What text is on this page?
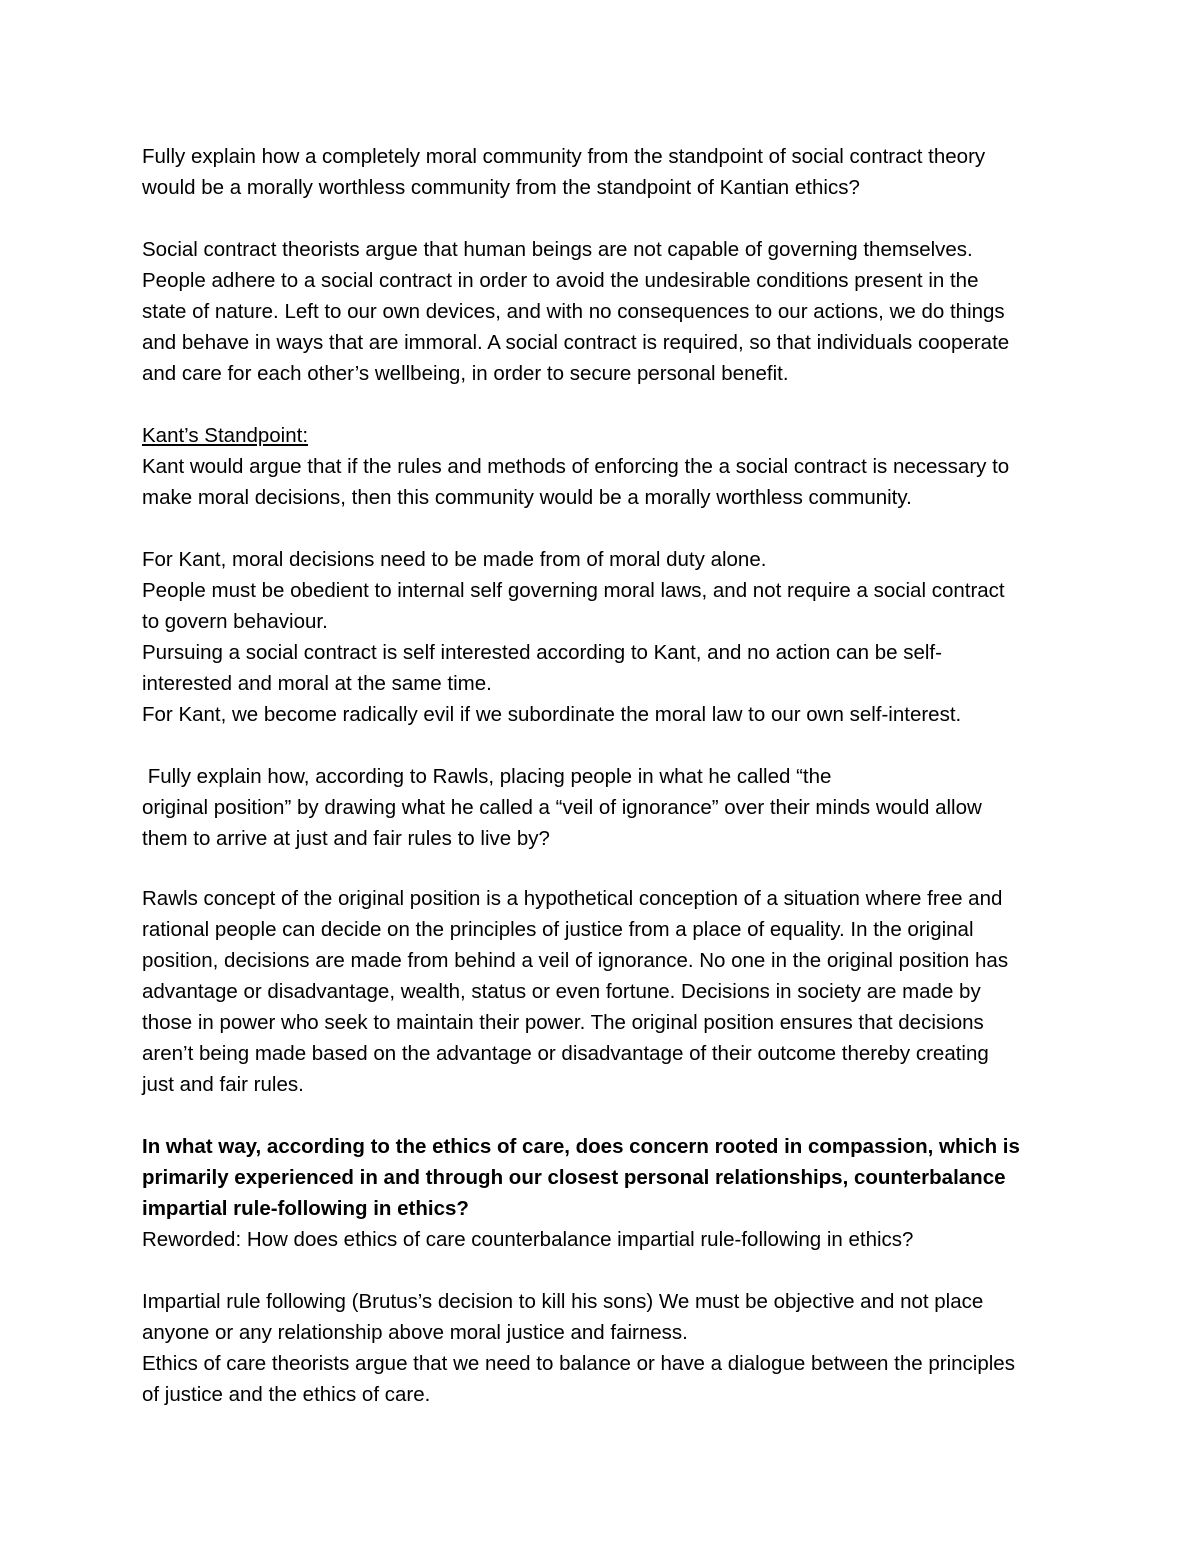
Fully explain how a completely moral community from the standpoint of social contract theory
would be a morally worthless community from the standpoint of Kantian ethics?
Social contract theorists argue that human beings are not capable of governing themselves.
People adhere to a social contract in order to avoid the undesirable conditions present in the
state of nature. Left to our own devices, and with no consequences to our actions, we do things
and behave in ways that are immoral. A social contract is required, so that individuals cooperate
and care for each other’s wellbeing, in order to secure personal benefit.
Kant’s Standpoint:
Kant would argue that if the rules and methods of enforcing the a social contract is necessary to
make moral decisions, then this community would be a morally worthless community.
For Kant, moral decisions need to be made from of moral duty alone.
People must be obedient to internal self governing moral laws, and not require a social contract
to govern behaviour.
Pursuing a social contract is self interested according to Kant, and no action can be self-
interested and moral at the same time.
For Kant, we become radically evil if we subordinate the moral law to our own self-interest.
Fully explain how, according to Rawls, placing people in what he called “the
original position” by drawing what he called a “veil of ignorance” over their minds would allow
them to arrive at just and fair rules to live by?
Rawls concept of the original position is a hypothetical conception of a situation where free and
rational people can decide on the principles of justice from a place of equality. In the original
position, decisions are made from behind a veil of ignorance. No one in the original position has
advantage or disadvantage, wealth, status or even fortune. Decisions in society are made by
those in power who seek to maintain their power. The original position ensures that decisions
aren’t being made based on the advantage or disadvantage of their outcome thereby creating
just and fair rules.
In what way, according to the ethics of care, does concern rooted in compassion, which is
primarily experienced in and through our closest personal relationships, counterbalance
impartial rule-following in ethics?
Reworded: How does ethics of care counterbalance impartial rule-following in ethics?
Impartial rule following (Brutus’s decision to kill his sons) We must be objective and not place
anyone or any relationship above moral justice and fairness.
Ethics of care theorists argue that we need to balance or have a dialogue between the principles
of justice and the ethics of care.
